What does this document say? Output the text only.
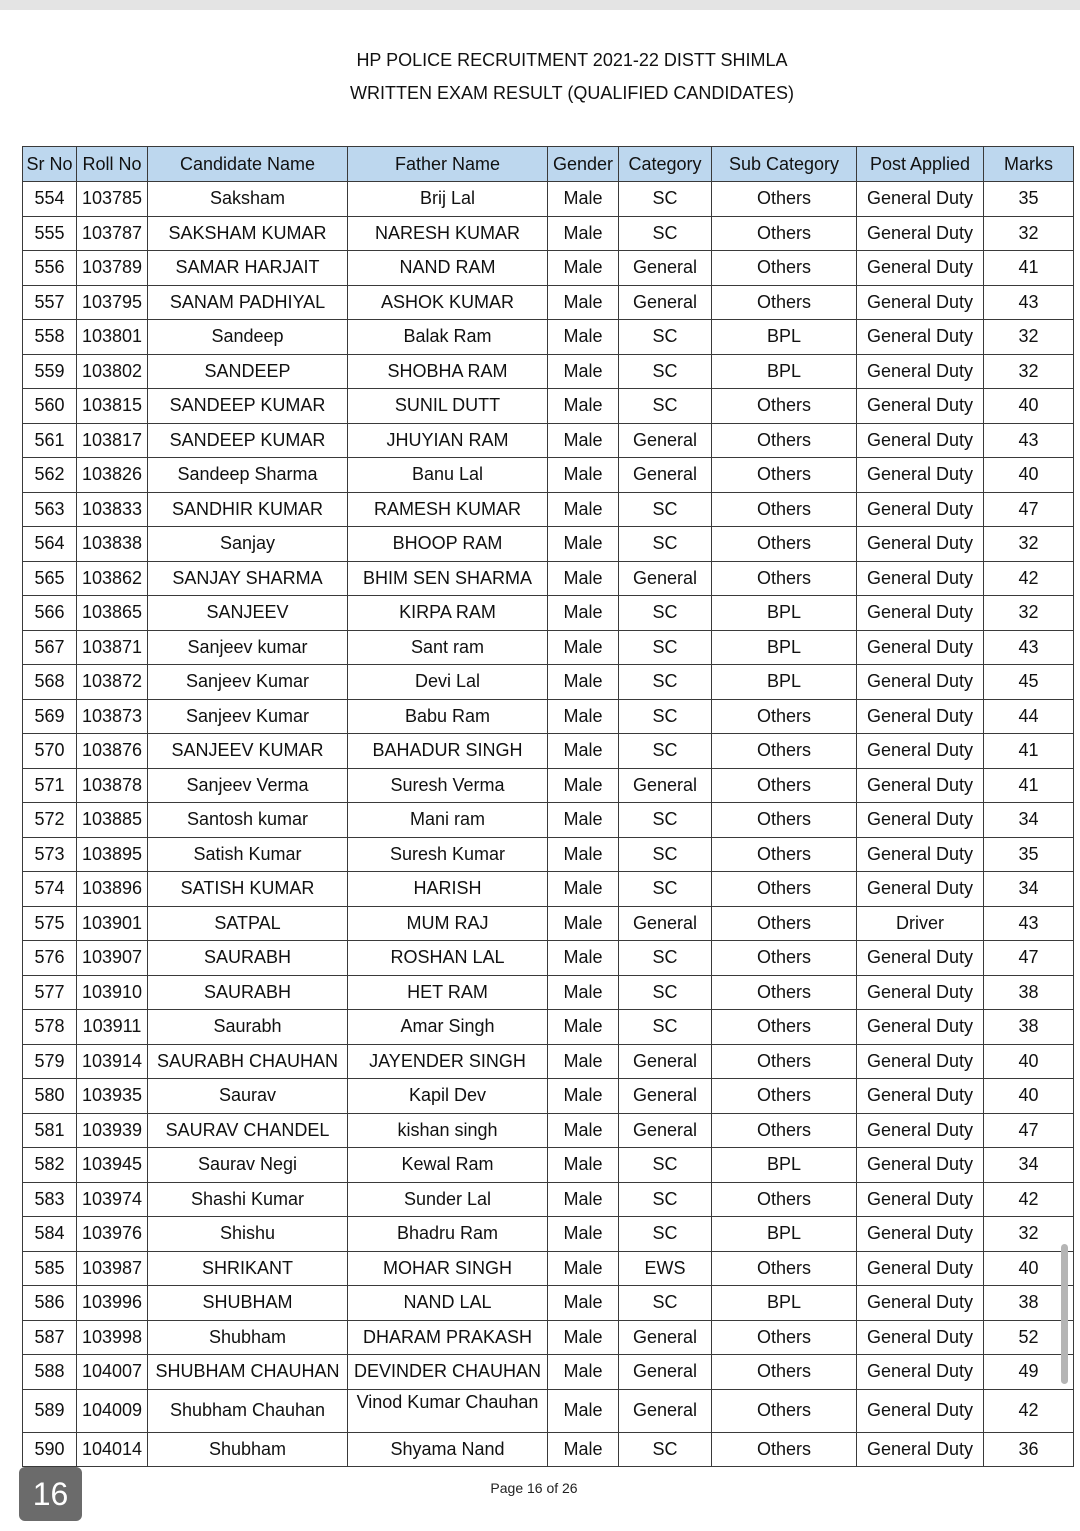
HP POLICE RECRUITMENT 2021-22 DISTT SHIMLA
WRITTEN EXAM RESULT (QUALIFIED CANDIDATES)
Sr No	Roll No	Candidate Name	Father Name	Gender	Category	Sub Category	Post Applied	Marks
554	103785	Saksham	Brij Lal	Male	SC	Others	General Duty	35
555	103787	SAKSHAM KUMAR	NARESH KUMAR	Male	SC	Others	General Duty	32
556	103789	SAMAR HARJAIT	NAND RAM	Male	General	Others	General Duty	41
557	103795	SANAM PADHIYAL	ASHOK KUMAR	Male	General	Others	General Duty	43
558	103801	Sandeep	Balak Ram	Male	SC	BPL	General Duty	32
559	103802	SANDEEP	SHOBHA RAM	Male	SC	BPL	General Duty	32
560	103815	SANDEEP KUMAR	SUNIL DUTT	Male	SC	Others	General Duty	40
561	103817	SANDEEP KUMAR	JHUYIAN RAM	Male	General	Others	General Duty	43
562	103826	Sandeep Sharma	Banu Lal	Male	General	Others	General Duty	40
563	103833	SANDHIR KUMAR	RAMESH KUMAR	Male	SC	Others	General Duty	47
564	103838	Sanjay	BHOOP RAM	Male	SC	Others	General Duty	32
565	103862	SANJAY SHARMA	BHIM SEN SHARMA	Male	General	Others	General Duty	42
566	103865	SANJEEV	KIRPA RAM	Male	SC	BPL	General Duty	32
567	103871	Sanjeev kumar	Sant ram	Male	SC	BPL	General Duty	43
568	103872	Sanjeev Kumar	Devi Lal	Male	SC	BPL	General Duty	45
569	103873	Sanjeev Kumar	Babu Ram	Male	SC	Others	General Duty	44
570	103876	SANJEEV KUMAR	BAHADUR SINGH	Male	SC	Others	General Duty	41
571	103878	Sanjeev Verma	Suresh Verma	Male	General	Others	General Duty	41
572	103885	Santosh kumar	Mani ram	Male	SC	Others	General Duty	34
573	103895	Satish Kumar	Suresh Kumar	Male	SC	Others	General Duty	35
574	103896	SATISH KUMAR	HARISH	Male	SC	Others	General Duty	34
575	103901	SATPAL	MUM RAJ	Male	General	Others	Driver	43
576	103907	SAURABH	ROSHAN LAL	Male	SC	Others	General Duty	47
577	103910	SAURABH	HET RAM	Male	SC	Others	General Duty	38
578	103911	Saurabh	Amar Singh	Male	SC	Others	General Duty	38
579	103914	SAURABH CHAUHAN	JAYENDER SINGH	Male	General	Others	General Duty	40
580	103935	Saurav	Kapil Dev	Male	General	Others	General Duty	40
581	103939	SAURAV CHANDEL	kishan singh	Male	General	Others	General Duty	47
582	103945	Saurav Negi	Kewal Ram	Male	SC	BPL	General Duty	34
583	103974	Shashi Kumar	Sunder Lal	Male	SC	Others	General Duty	42
584	103976	Shishu	Bhadru Ram	Male	SC	BPL	General Duty	32
585	103987	SHRIKANT	MOHAR SINGH	Male	EWS	Others	General Duty	40
586	103996	SHUBHAM	NAND LAL	Male	SC	BPL	General Duty	38
587	103998	Shubham	DHARAM PRAKASH	Male	General	Others	General Duty	52
588	104007	SHUBHAM CHAUHAN	DEVINDER CHAUHAN	Male	General	Others	General Duty	49
589	104009	Shubham Chauhan	Vinod Kumar Chauhan	Male	General	Others	General Duty	42
590	104014	Shubham	Shyama Nand	Male	SC	Others	General Duty	36
Page 16 of 26
16
